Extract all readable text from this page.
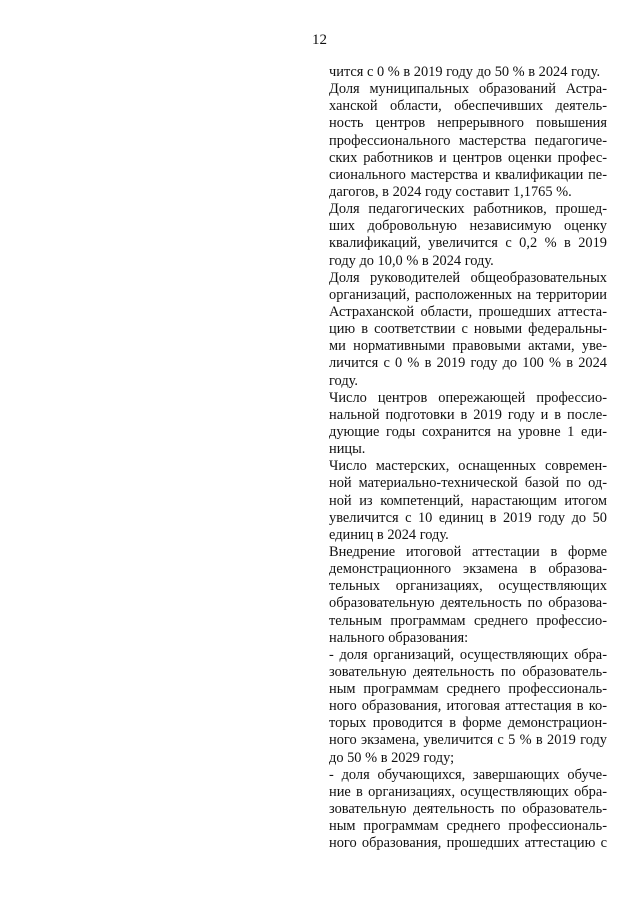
12
чится с 0 % в 2019 году до 50 % в 2024 году.
Доля муниципальных образований Астра-
ханской области, обеспечивших деятель-
ность центров непрерывного повышения
профессионального мастерства педагогиче-
ских работников и центров оценки профес-
сионального мастерства и квалификации пе-
дагогов, в 2024 году составит 1,1765 %.
Доля педагогических работников, прошед-
ших добровольную независимую оценку
квалификаций, увеличится с 0,2 % в 2019
году до 10,0 % в 2024 году.
Доля руководителей общеобразовательных
организаций, расположенных на территории
Астраханской области, прошедших аттеста-
цию в соответствии с новыми федеральны-
ми нормативными правовыми актами, уве-
личится с 0 % в 2019 году до 100 % в 2024
году.
Число центров опережающей профессио-
нальной подготовки в 2019 году и в после-
дующие годы сохранится на уровне 1 еди-
ницы.
Число мастерских, оснащенных современ-
ной материально-технической базой по од-
ной из компетенций, нарастающим итогом
увеличится с 10 единиц в 2019 году до 50
единиц в 2024 году.
Внедрение итоговой аттестации в форме
демонстрационного экзамена в образова-
тельных организациях, осуществляющих
образовательную деятельность по образова-
тельным программам среднего профессио-
нального образования:
- доля организаций, осуществляющих обра-
зовательную деятельность по образователь-
ным программам среднего профессиональ-
ного образования, итоговая аттестация в ко-
торых проводится в форме демонстрацион-
ного экзамена, увеличится с 5 % в 2019 году
до 50 % в 2029 году;
- доля обучающихся, завершающих обуче-
ние в организациях, осуществляющих обра-
зовательную деятельность по образователь-
ным программам среднего профессиональ-
ного образования, прошедших аттестацию с
